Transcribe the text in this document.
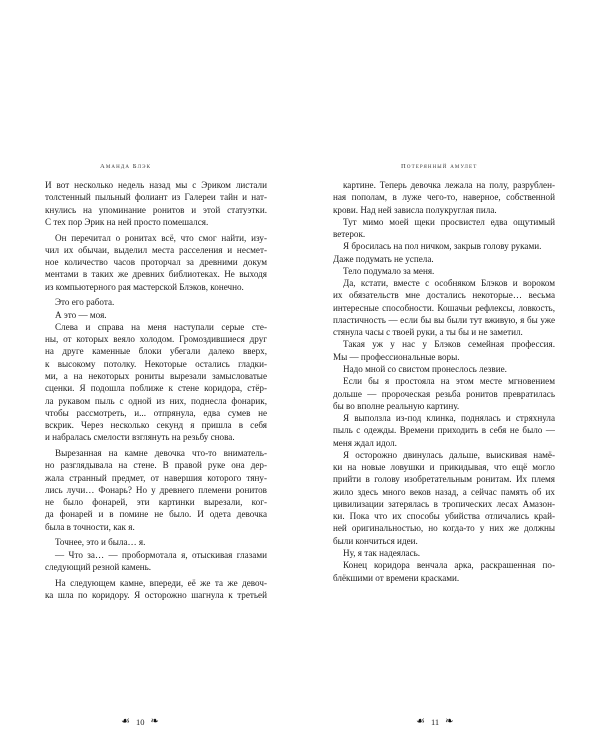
Аманда Блэк
И вот несколько недель назад мы с Эриком листали
толстенный пыльный фолиант из Галереи тайн и нат-
кнулись на упоминание ронитов и этой статуэтки.
С тех пор Эрик на ней просто помешался.
Он перечитал о ронитах всё, что смог найти, изу-
чил их обычаи, выделил места расселения и несмет-
ное количество часов проторчал за древними докум
ментами в таких же древних библиотеках. Не выходя
из компьютерного рая мастерской Блэков, конечно.
Это его работа.
А это — моя.
Слева и справа на меня наступали серые сте-
ны, от которых веяло холодом. Громоздившиеся друг
на друге каменные блоки убегали далеко вверх,
к высокому потолку. Некоторые остались гладки-
ми, а на некоторых рониты вырезали замысловатые
сценки. Я подошла поближе к стене коридора, стёр-
ла рукавом пыль с одной из них, поднесла фонарик,
чтобы рассмотреть, и... отпрянула, едва сумев не
вскрик. Через несколько секунд я пришла в себя
и набралась смелости взглянуть на резьбу снова.
Вырезанная на камне девочка что-то вниматель-
но разглядывала на стене. В правой руке она дер-
жала странный предмет, от навершия которого тяну-
лись лучи… Фонарь? Но у древнего племени ронитов
не было фонарей, эти картинки вырезали, ког-
да фонарей и в помине не было. И одета девочка
была в точности, как я.
Точнее, это и была… я.
— Что за… — пробормотала я, отыскивая глазами
следующий резной камень.
На следующем камне, впереди, её же та же девоч-
ка шла по коридору. Я осторожно шагнула к третьей
☙ 10 ❧
Потерянный амулет
картине. Теперь девочка лежала на полу, разрублен-
ная пополам, в луже чего-то, наверное, собственной
крови. Над ней зависла полукруглая пила.
Тут мимо моей щеки просвистел едва ощутимый
ветерок.
Я бросилась на пол ничком, закрыв голову руками.
Даже подумать не успела.
Тело подумало за меня.
Да, кстати, вместе с особняком Блэков и вороком
их обязательств мне достались некоторые… весьма
интересные способности. Кошачьи рефлексы, ловкость,
пластичность — если бы вы были тут вживую, я бы уже
стянула часы с твоей руки, а ты бы и не заметил.
Такая уж у нас у Блэков семейная профессия.
Мы — профессиональные воры.
Надо мной со свистом пронеслось лезвие.
Если бы я простояла на этом месте мгновением
дольше — пророческая резьба ронитов превратилась
бы во вполне реальную картину.
Я выползла из-под клинка, поднялась и стряхнула
пыль с одежды. Времени приходить в себя не было —
меня ждал идол.
Я осторожно двинулась дальше, выискивая намё-
ки на новые ловушки и прикидывая, что ещё могло
прийти в голову изобретательным ронитам. Их племя
жило здесь много веков назад, а сейчас память об их
цивилизации затерялась в тропических лесах Амазон-
ки. Пока что их способы убийства отличались край-
ней оригинальностью, но когда-то у них же должны
были кончиться идеи.
Ну, я так надеялась.
Конец коридора венчала арка, раскрашенная по-
блёкшими от времени красками.
☙ 11 ❧
